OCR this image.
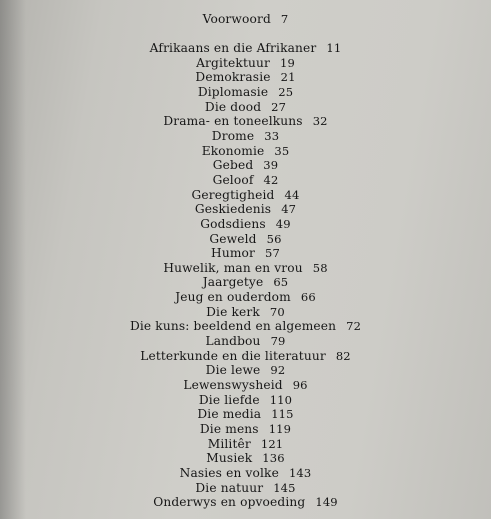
Voorwoord 7
Afrikaans en die Afrikaner 11
Argitektuur 19
Demokrasie 21
Diplomasie 25
Die dood 27
Drama- en toneelkuns 32
Drome 33
Ekonomie 35
Gebed 39
Geloof 42
Geregtigheid 44
Geskiedenis 47
Godsdiens 49
Geweld 56
Humor 57
Huwelik, man en vrou 58
Jaargetye 65
Jeug en ouderdom 66
Die kerk 70
Die kuns: beeldend en algemeen 72
Landbou 79
Letterkunde en die literatuur 82
Die lewe 92
Lewenswysheid 96
Die liefde 110
Die media 115
Die mens 119
Militêr 121
Musiek 136
Nasies en volke 143
Die natuur 145
Onderwys en opvoeding 149
